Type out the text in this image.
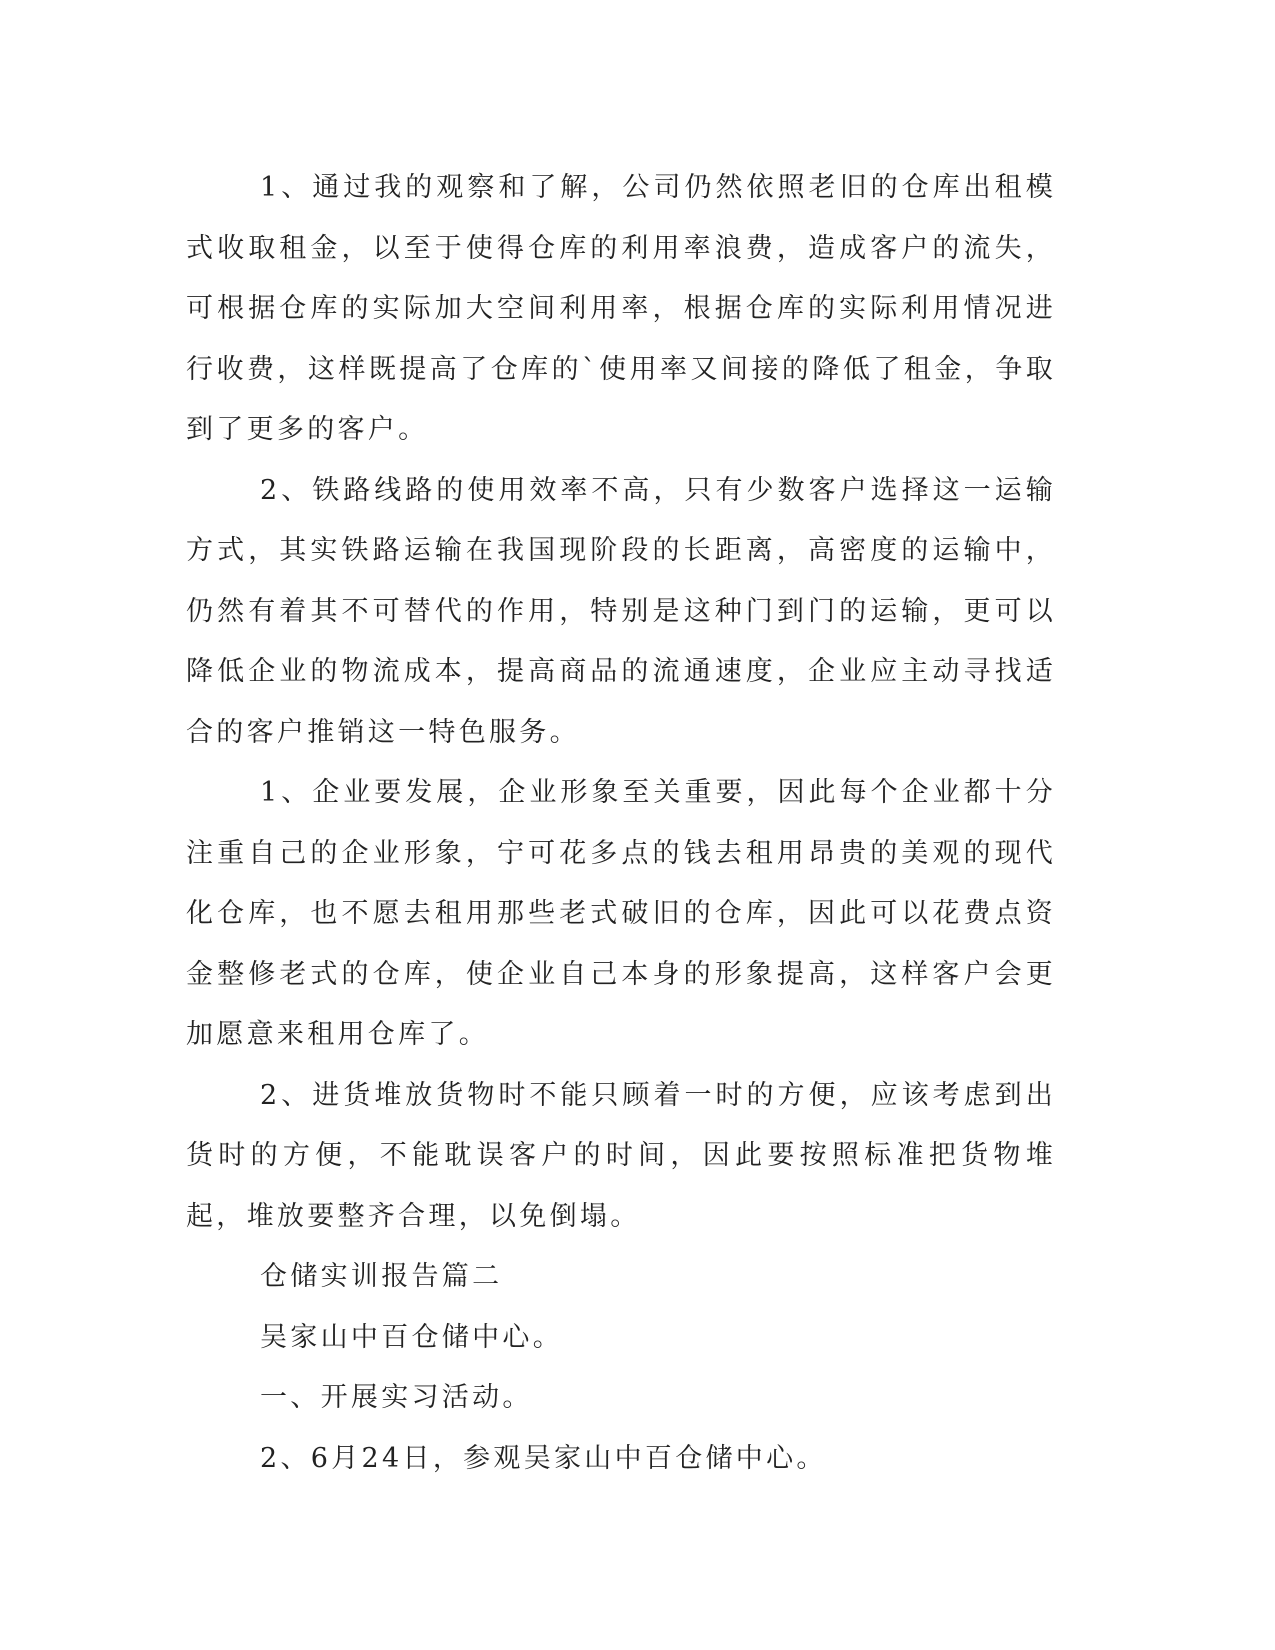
1、通过我的观察和了解，公司仍然依照老旧的仓库出租模式收取租金，以至于使得仓库的利用率浪费，造成客户的流失，可根据仓库的实际加大空间利用率，根据仓库的实际利用情况进行收费，这样既提高了仓库的`使用率又间接的降低了租金，争取到了更多的客户。

2、铁路线路的使用效率不高，只有少数客户选择这一运输方式，其实铁路运输在我国现阶段的长距离，高密度的运输中，仍然有着其不可替代的作用，特别是这种门到门的运输，更可以降低企业的物流成本，提高商品的流通速度，企业应主动寻找适合的客户推销这一特色服务。

1、企业要发展，企业形象至关重要，因此每个企业都十分注重自己的企业形象，宁可花多点的钱去租用昂贵的美观的现代化仓库，也不愿去租用那些老式破旧的仓库，因此可以花费点资金整修老式的仓库，使企业自己本身的形象提高，这样客户会更加愿意来租用仓库了。

2、进货堆放货物时不能只顾着一时的方便，应该考虑到出货时的方便，不能耽误客户的时间，因此要按照标准把货物堆起，堆放要整齐合理，以免倒塌。

仓储实训报告篇二

吴家山中百仓储中心。

一、开展实习活动。

2、6月24日，参观吴家山中百仓储中心。
